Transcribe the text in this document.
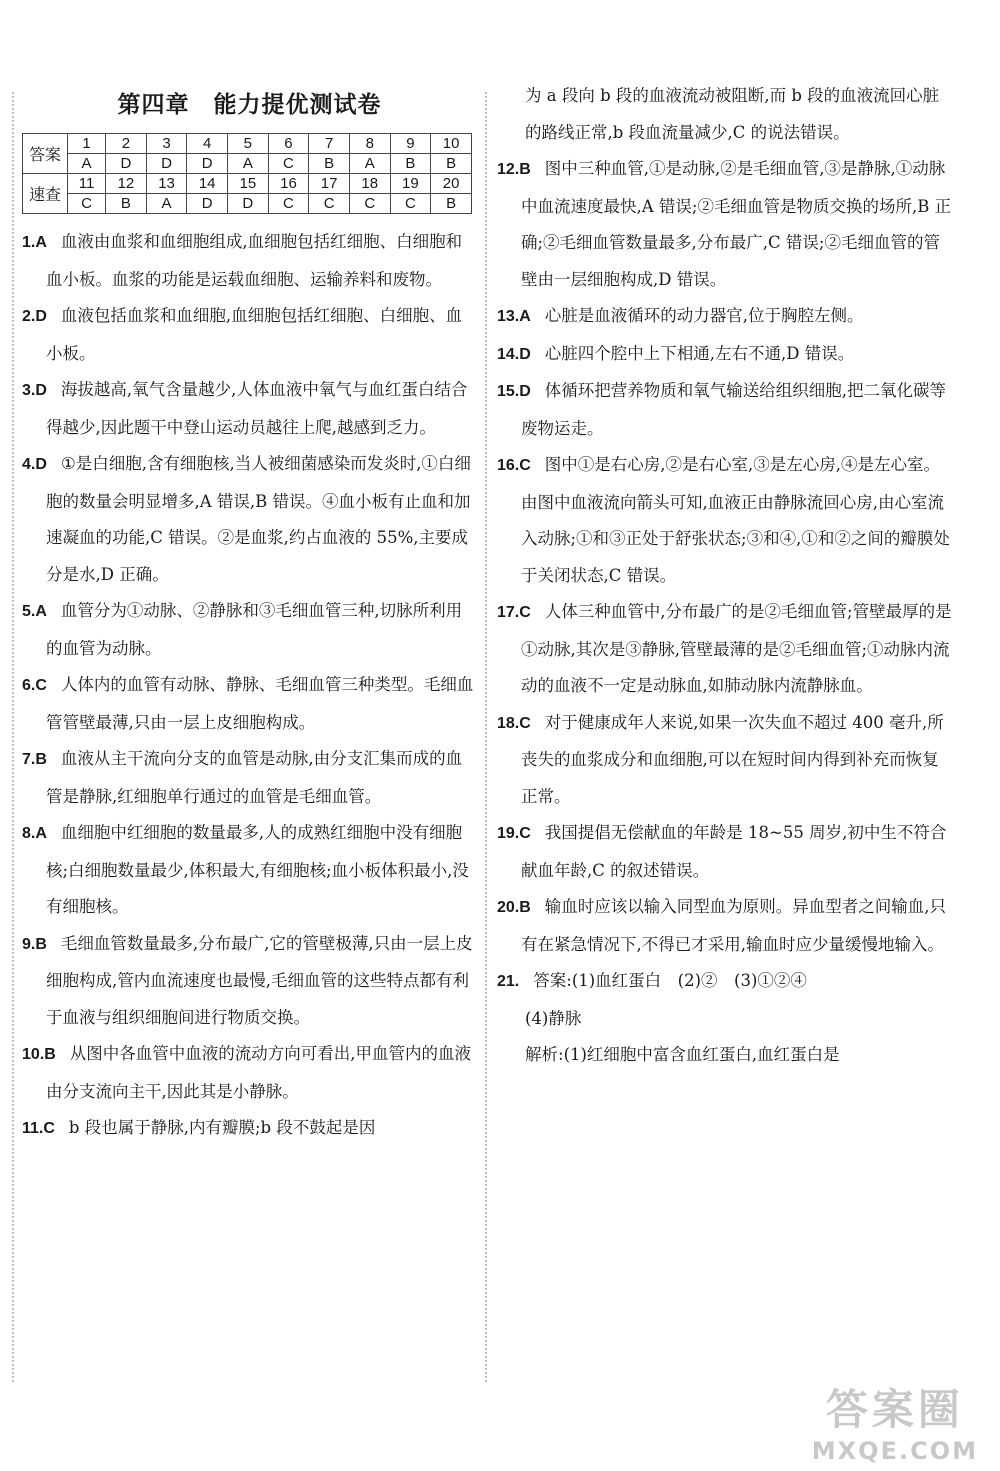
第四章 能力提优测试卷
答案	1	2	3	4	5	6	7	8	9	10
	A	D	D	D	A	C	B	A	B	B
速查	11	12	13	14	15	16	17	18	19	20
	C	B	A	D	D	C	C	C	C	B
1.A 血液由血浆和血细胞组成,血细胞包括红细胞、白细胞和血小板。血浆的功能是运载血细胞、运输养料和废物。
2.D 血液包括血浆和血细胞,血细胞包括红细胞、白细胞、血小板。
3.D 海拔越高,氧气含量越少,人体血液中氧气与血红蛋白结合得越少,因此题干中登山运动员越往上爬,越感到乏力。
4.D ①是白细胞,含有细胞核,当人被细菌感染而发炎时,①白细胞的数量会明显增多,A 错误,B 错误。④血小板有止血和加速凝血的功能,C 错误。②是血浆,约占血液的 55%,主要成分是水,D 正确。
5.A 血管分为①动脉、②静脉和③毛细血管三种,切脉所利用的血管为动脉。
6.C 人体内的血管有动脉、静脉、毛细血管三种类型。毛细血管管壁最薄,只由一层上皮细胞构成。
7.B 血液从主干流向分支的血管是动脉,由分支汇集而成的血管是静脉,红细胞单行通过的血管是毛细血管。
8.A 血细胞中红细胞的数量最多,人的成熟红细胞中没有细胞核;白细胞数量最少,体积最大,有细胞核;血小板体积最小,没有细胞核。
9.B 毛细血管数量最多,分布最广,它的管壁极薄,只由一层上皮细胞构成,管内血流速度也最慢,毛细血管的这些特点都有利于血液与组织细胞间进行物质交换。
10.B 从图中各血管中血液的流动方向可看出,甲血管内的血液由分支流向主干,因此其是小静脉。
11.C b 段也属于静脉,内有瓣膜;b 段不鼓起是因
为 a 段向 b 段的血液流动被阻断,而 b 段的血液流回心脏的路线正常,b 段血流量减少,C 的说法错误。
12.B 图中三种血管,①是动脉,②是毛细血管,③是静脉,①动脉中血流速度最快,A 错误;②毛细血管是物质交换的场所,B 正确;②毛细血管数量最多,分布最广,C 错误;②毛细血管的管壁由一层细胞构成,D 错误。
13.A 心脏是血液循环的动力器官,位于胸腔左侧。
14.D 心脏四个腔中上下相通,左右不通,D 错误。
15.D 体循环把营养物质和氧气输送给组织细胞,把二氧化碳等废物运走。
16.C 图中①是右心房,②是右心室,③是左心房,④是左心室。由图中血液流向箭头可知,血液正由静脉流回心房,由心室流入动脉;①和③正处于舒张状态;③和④,①和②之间的瓣膜处于关闭状态,C 错误。
17.C 人体三种血管中,分布最广的是②毛细血管;管壁最厚的是①动脉,其次是③静脉,管壁最薄的是②毛细血管;①动脉内流动的血液不一定是动脉血,如肺动脉内流静脉血。
18.C 对于健康成年人来说,如果一次失血不超过 400 毫升,所丧失的血浆成分和血细胞,可以在短时间内得到补充而恢复正常。
19.C 我国提倡无偿献血的年龄是 18~55 周岁,初中生不符合献血年龄,C 的叙述错误。
20.B 输血时应该以输入同型血为原则。异血型者之间输血,只有在紧急情况下,不得已才采用,输血时应少量缓慢地输入。
21. 答案:(1)血红蛋白　(2)②　(3)①②④
(4)静脉
解析:(1)红细胞中富含血红蛋白,血红蛋白是
答案圈
MXQE.COM
